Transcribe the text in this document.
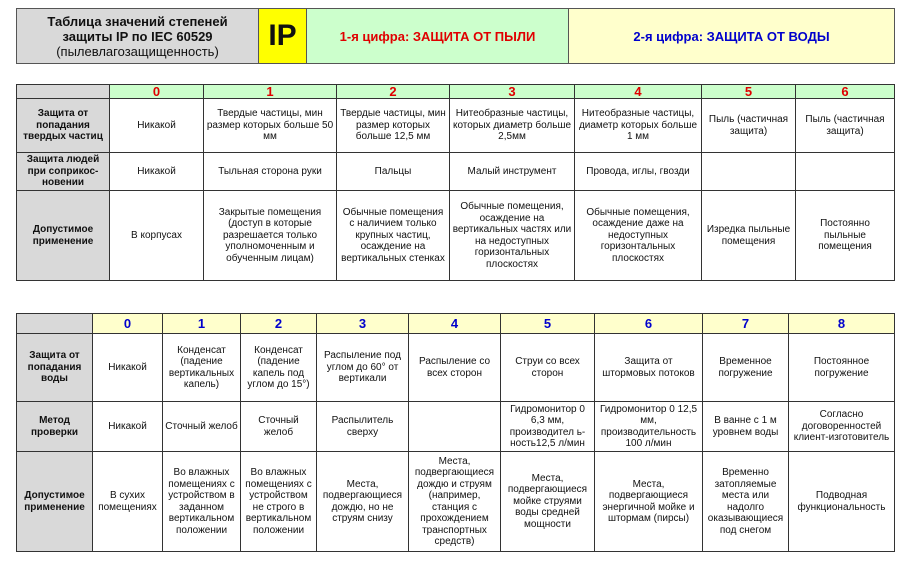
Таблица значений степеней
защиты IP по IEC 60529
(пылевлагозащищенность)	IP	1-я цифра: ЗАЩИТА ОТ ПЫЛИ	2-я цифра: ЗАЩИТА ОТ ВОДЫ
	0	1	2	3	4	5	6
Защита от попадания твердых частиц	Никакой	Твердые частицы, мин размер которых больше 50 мм	Твердые частицы, мин размер которых больше 12,5 мм	Нитеобразные частицы, которых диаметр больше 2,5мм	Нитеобразные частицы, диаметр которых больше 1 мм	Пыль (частичная защита)	Пыль (частичная защита)
Защита людей при соприкос-новении	Никакой	Тыльная сторона руки	Пальцы	Малый инструмент	Провода, иглы, гвозди		
Допустимое применение	В корпусах	Закрытые помещения (доступ в которые разрешается только уполномоченным и обученным лицам)	Обычные помещения с наличием только крупных частиц, осаждение на вертикальных стенках	Обычные помещения, осаждение на вертикальных частях или на недоступных горизонтальных плоскостях	Обычные помещения, осаждение даже на недоступных горизонтальных плоскостях	Изредка пыльные помещения	Постоянно пыльные помещения
	0	1	2	3	4	5	6	7	8
Защита от попадания воды	Никакой	Конденсат (падение вертикальных капель)	Конденсат (падение капель под углом до 15°)	Распыление под углом до 60° от вертикали	Распыление со всех сторон	Струи со всех сторон	Защита от штормовых потоков	Временное погружение	Постоянное погружение
Метод проверки	Никакой	Сточный желоб	Сточный желоб	Распылитель сверху		Гидромонитор 0 6,3 мм, производител ь-ность12,5 л/мин	Гидромонитор 0 12,5 мм, производительность 100 л/мин	В ванне с 1 м уровнем воды	Согласно договоренностей клиент-изготовитель
Допустимое применение	В сухих помещениях	Во влажных помещениях с устройством в заданном вертикальном положении	Во влажных помещениях с устройством не строго в вертикальном положении	Места, подвергающиеся дождю, но не струям снизу	Места, подвергающиеся дождю и струям (например, станция с прохождением транспортных средств)	Места, подвергающиеся мойке струями воды средней мощности	Места, подвергающиеся энергичной мойке и штормам (пирсы)	Временно затопляемые места или надолго оказывающиеся под снегом	Подводная функциональность
